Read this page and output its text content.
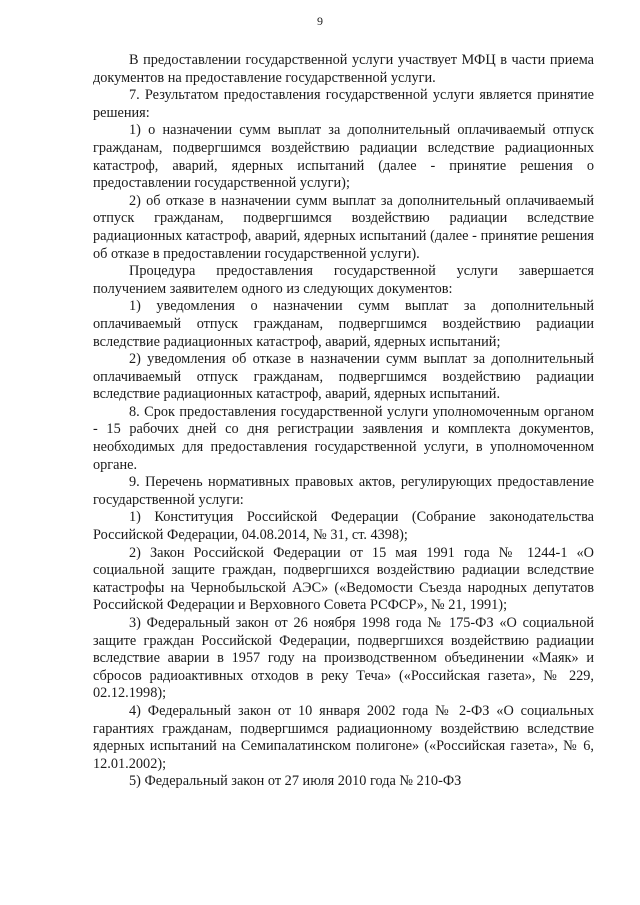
9

В предоставлении государственной услуги участвует МФЦ в части приема документов на предоставление государственной услуги.

7. Результатом предоставления государственной услуги является принятие решения:

1) о назначении сумм выплат за дополнительный оплачиваемый отпуск гражданам, подвергшимся воздействию радиации вследствие радиационных катастроф, аварий, ядерных испытаний (далее - принятие решения о предоставлении государственной услуги);

2) об отказе в назначении сумм выплат за дополнительный оплачиваемый отпуск гражданам, подвергшимся воздействию радиации вследствие радиационных катастроф, аварий, ядерных испытаний (далее - принятие решения об отказе в предоставлении государственной услуги).

Процедура предоставления государственной услуги завершается получением заявителем одного из следующих документов:

1) уведомления о назначении сумм выплат за дополнительный оплачиваемый отпуск гражданам, подвергшимся воздействию радиации вследствие радиационных катастроф, аварий, ядерных испытаний;

2) уведомления об отказе в назначении сумм выплат за дополнительный оплачиваемый отпуск гражданам, подвергшимся воздействию радиации вследствие радиационных катастроф, аварий, ядерных испытаний.

8. Срок предоставления государственной услуги уполномоченным органом - 15 рабочих дней со дня регистрации заявления и комплекта документов, необходимых для предоставления государственной услуги, в уполномоченном органе.

9. Перечень нормативных правовых актов, регулирующих предоставление государственной услуги:

1) Конституция Российской Федерации (Собрание законодательства Российской Федерации, 04.08.2014, № 31, ст. 4398);

2) Закон Российской Федерации от 15 мая 1991 года № 1244-1 «О социальной защите граждан, подвергшихся воздействию радиации вследствие катастрофы на Чернобыльской АЭС» («Ведомости Съезда народных депутатов Российской Федерации и Верховного Совета РСФСР», № 21, 1991);

3) Федеральный закон от 26 ноября 1998 года № 175-ФЗ «О социальной защите граждан Российской Федерации, подвергшихся воздействию радиации вследствие аварии в 1957 году на производственном объединении «Маяк» и сбросов радиоактивных отходов в реку Теча» («Российская газета», № 229, 02.12.1998);

4) Федеральный закон от 10 января 2002 года № 2-ФЗ «О социальных гарантиях гражданам, подвергшимся радиационному воздействию вследствие ядерных испытаний на Семипалатинском полигоне» («Российская газета», № 6, 12.01.2002);

5) Федеральный закон от 27 июля 2010 года № 210-ФЗ
